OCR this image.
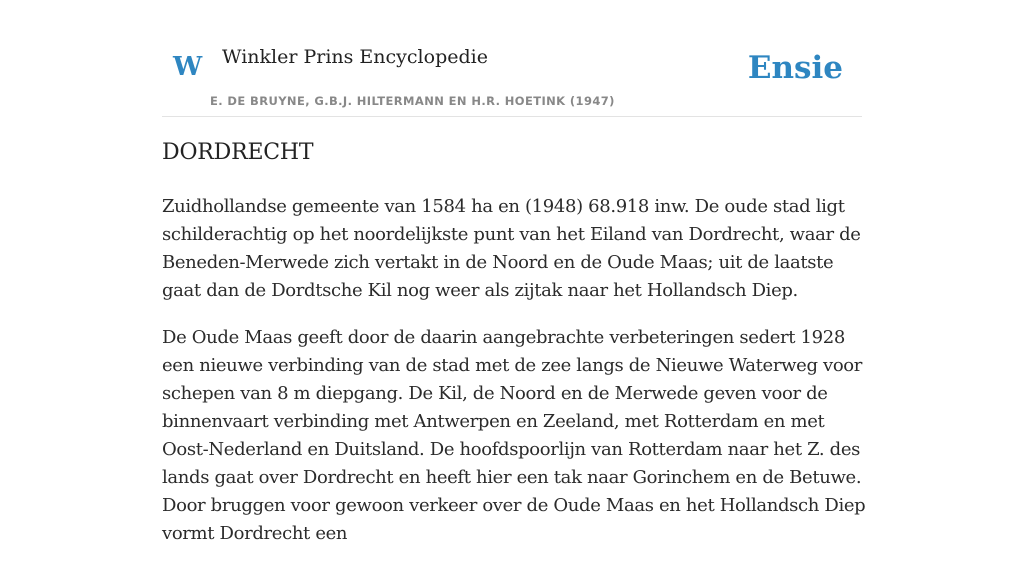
W Winkler Prins Encyclopedie
E. DE BRUYNE, G.B.J. HILTERMANN EN H.R. HOETINK (1947)
Ensie
DORDRECHT

Zuidhollandse gemeente van 1584 ha en (1948) 68.918 inw. De oude stad ligt schilderachtig op het noordelijkste punt van het Eiland van Dordrecht, waar de Beneden-Merwede zich vertakt in de Noord en de Oude Maas; uit de laatste gaat dan de Dordtsche Kil nog weer als zijtak naar het Hollandsch Diep.

De Oude Maas geeft door de daarin aangebrachte verbeteringen sedert 1928 een nieuwe verbinding van de stad met de zee langs de Nieuwe Waterweg voor schepen van 8 m diepgang. De Kil, de Noord en de Merwede geven voor de binnenvaart verbinding met Antwerpen en Zeeland, met Rotterdam en met Oost-Nederland en Duitsland. De hoofdspoorlijn van Rotterdam naar het Z. des lands gaat over Dordrecht en heeft hier een tak naar Gorinchem en de Betuwe. Door bruggen voor gewoon verkeer over de Oude Maas en het Hollandsch Diep vormt Dordrecht een
